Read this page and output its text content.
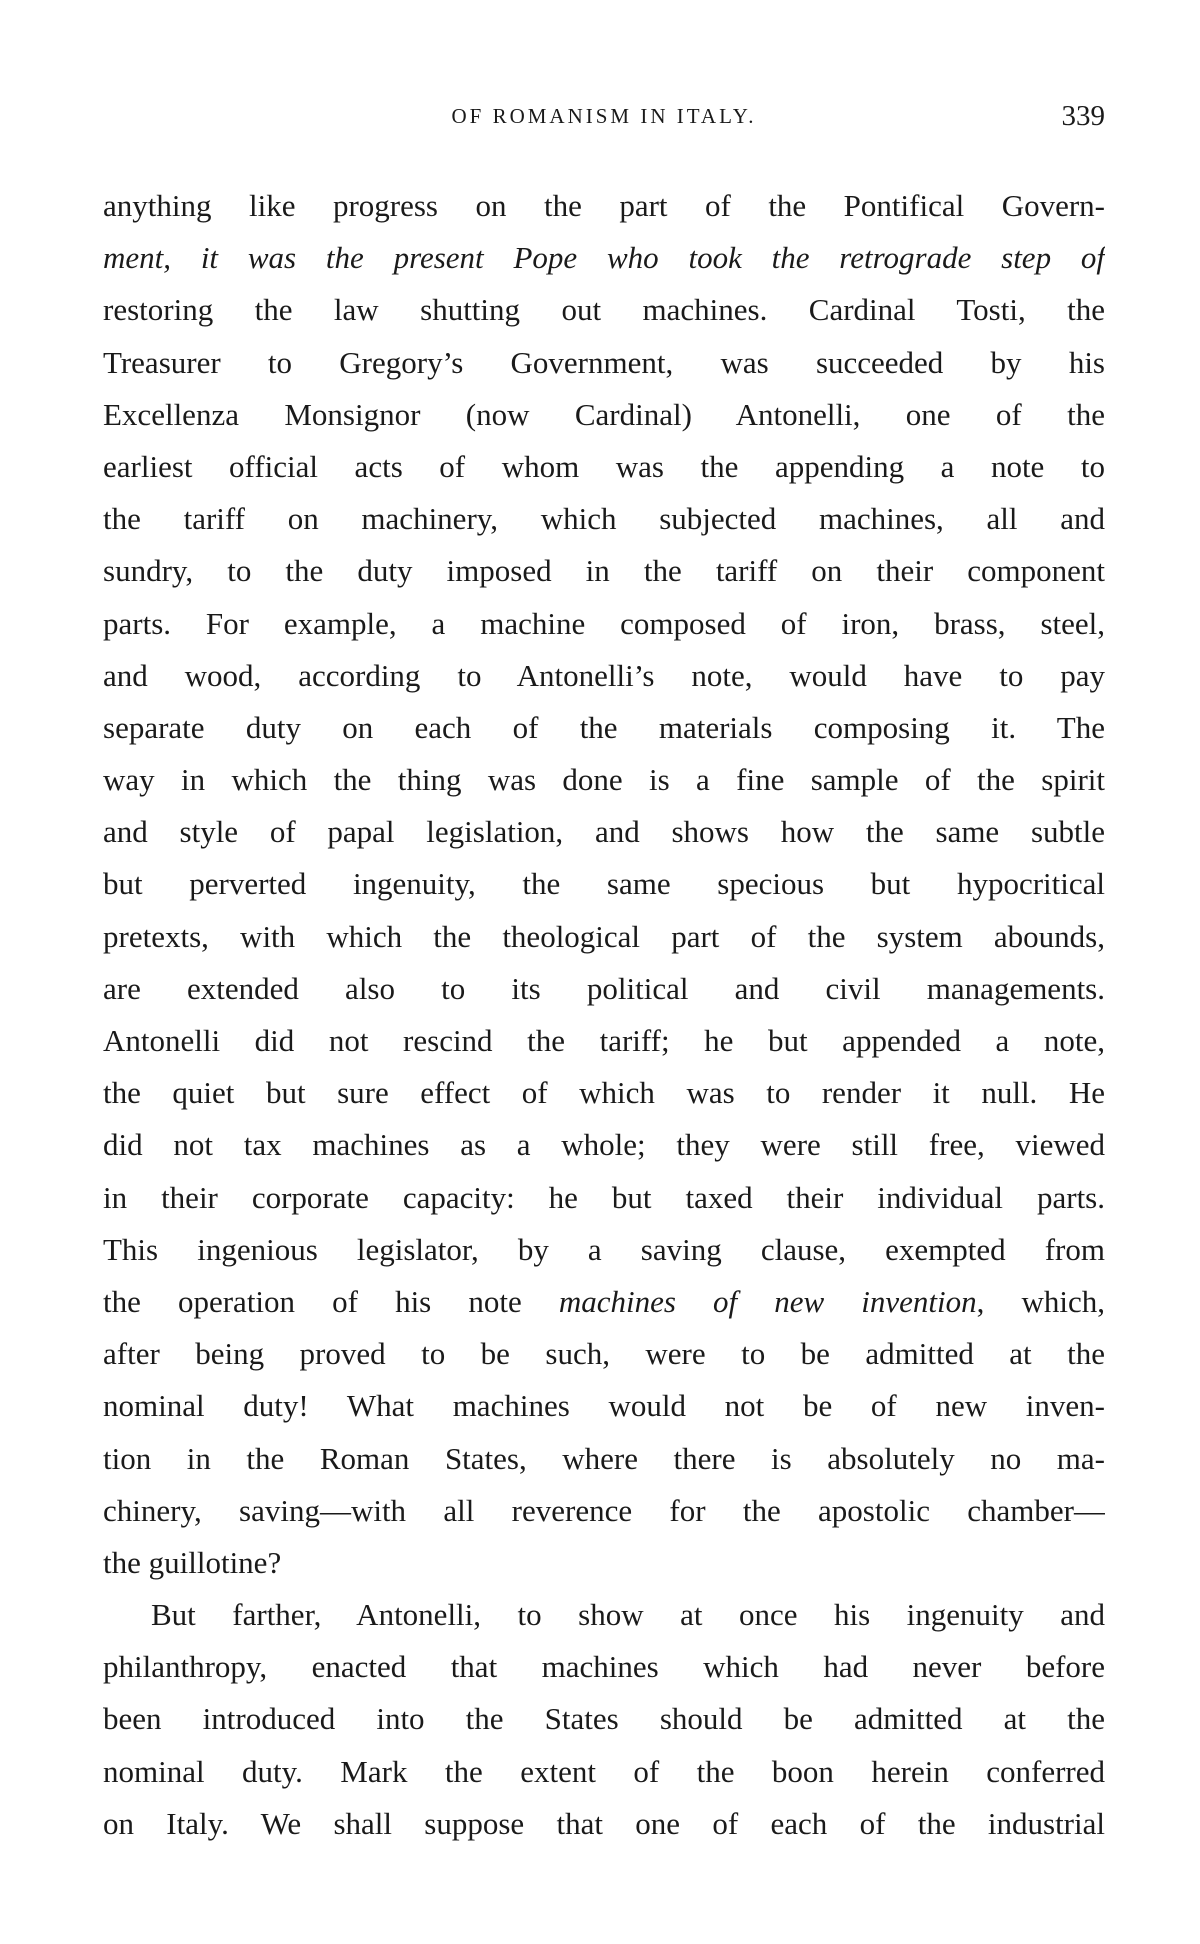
OF ROMANISM IN ITALY.	339
anything like progress on the part of the Pontifical Govern-
ment, it was the present Pope who took the retrograde step of
restoring the law shutting out machines. Cardinal Tosti, the
Treasurer to Gregory’s Government, was succeeded by his
Excellenza Monsignor (now Cardinal) Antonelli, one of the
earliest official acts of whom was the appending a note to
the tariff on machinery, which subjected machines, all and
sundry, to the duty imposed in the tariff on their component
parts. For example, a machine composed of iron, brass, steel,
and wood, according to Antonelli’s note, would have to pay
separate duty on each of the materials composing it. The
way in which the thing was done is a fine sample of the spirit
and style of papal legislation, and shows how the same subtle
but perverted ingenuity, the same specious but hypocritical
pretexts, with which the theological part of the system abounds,
are extended also to its political and civil managements.
Antonelli did not rescind the tariff; he but appended a note,
the quiet but sure effect of which was to render it null. He
did not tax machines as a whole; they were still free, viewed
in their corporate capacity: he but taxed their individual parts.
This ingenious legislator, by a saving clause, exempted from
the operation of his note machines of new invention, which,
after being proved to be such, were to be admitted at the
nominal duty! What machines would not be of new inven-
tion in the Roman States, where there is absolutely no ma-
chinery, saving—with all reverence for the apostolic chamber—
the guillotine?
But farther, Antonelli, to show at once his ingenuity and
philanthropy, enacted that machines which had never before
been introduced into the States should be admitted at the
nominal duty. Mark the extent of the boon herein conferred
on Italy. We shall suppose that one of each of the industrial
